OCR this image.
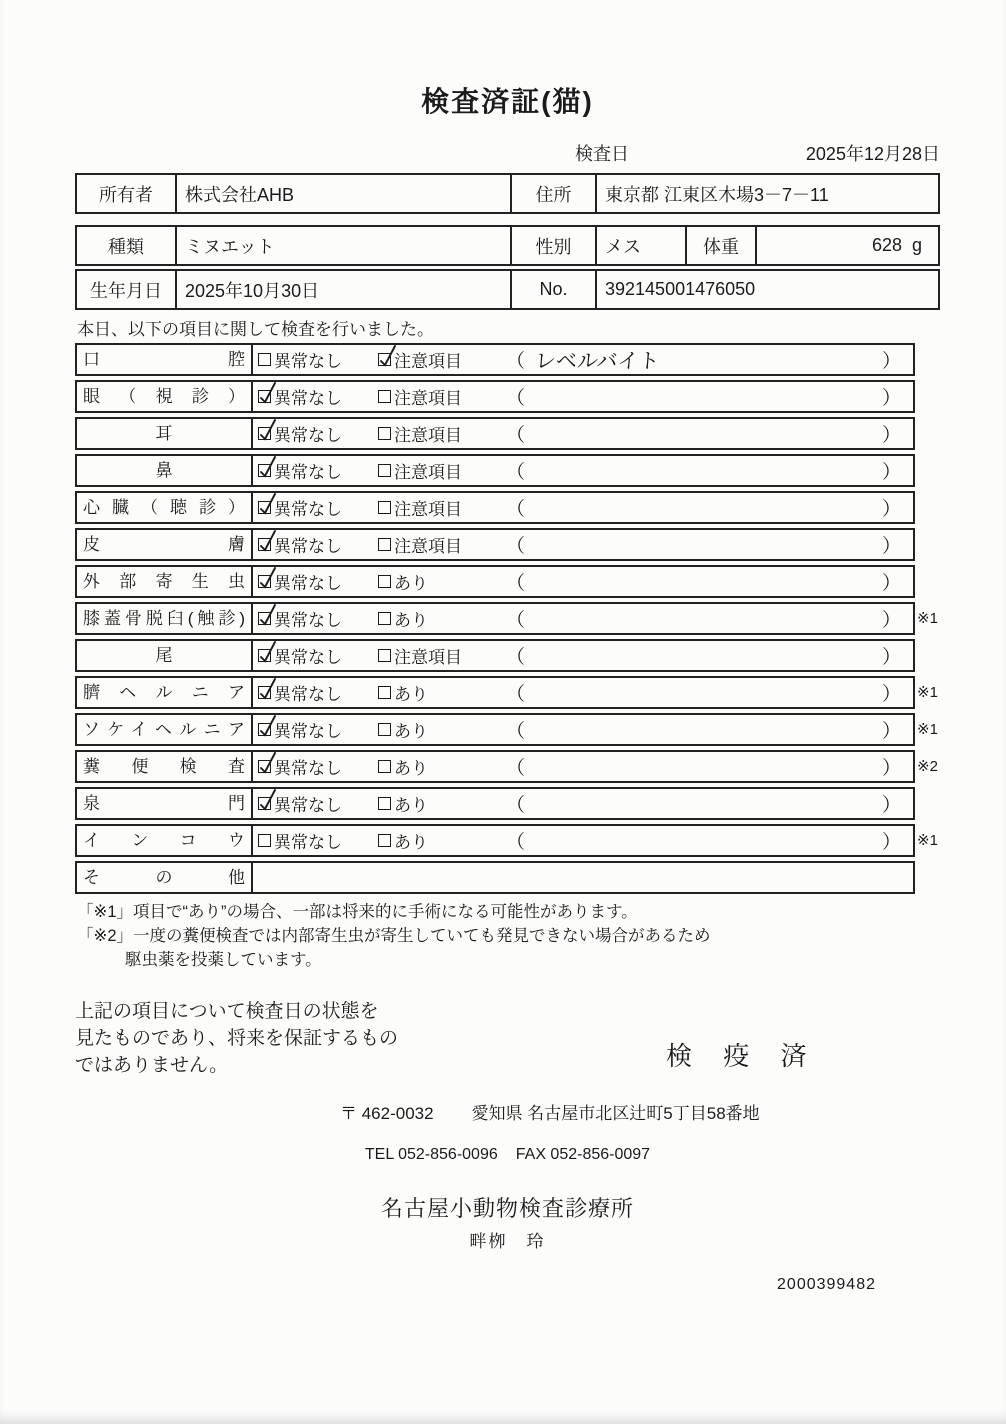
検査済証(猫)
検査日	2025年12月28日
所有者	株式会社AHB	住所	東京都 江東区木場3－7－11
種類	ミヌエット	性別	メス	体重	628 g
生年月日	2025年10月30日	No.	392145001476050
本日、以下の項目に関して検査を行いました。
口腔	異常なし	注意項目 （ レベルバイト	）
眼（視診）	異常なし	注意項目 （	）
耳	異常なし	注意項目 （	）
鼻	異常なし	注意項目 （	）
心臓（聴診）	異常なし	注意項目 （	）
皮膚	異常なし	注意項目 （	）
外部寄生虫	異常なし	あり	（	）
膝蓋骨脱臼(触診)	異常なし	あり	（	） ※1
尾	異常なし	注意項目 （	）
臍ヘルニア	異常なし	あり	（	） ※1
ソケイヘルニア	異常なし	あり	（	） ※1
糞便検査	異常なし	あり	（	） ※2
泉門	異常なし	あり	（	）
インコウ	異常なし	あり	（	） ※1
その他
「※1」項目で“あり”の場合、一部は将来的に手術になる可能性があります。
「※2」一度の糞便検査では内部寄生虫が寄生していても発見できない場合があるため
駆虫薬を投薬しています。
上記の項目について検査日の状態を
見たものであり、将来を保証するもの
ではありません。	検 疫 済
〒 462-0032 愛知県 名古屋市北区辻町5丁目58番地
TEL 052-856-0096 FAX 052-856-0097
名古屋小動物検査診療所
畔栁　玲
2000399482
